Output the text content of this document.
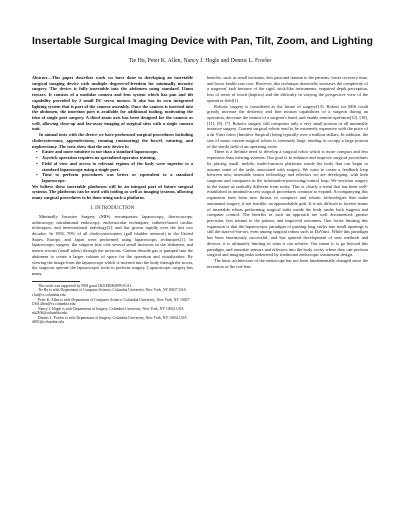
Insertable Surgical Imaging Device with Pan, Tilt, Zoom, and Lighting
Tie Hu, Peter K. Allen, Nancy J. Hogle and Dennis L. Fowler

Abstract—This paper describes work we have done in developing an insertable surgical imaging device with multiple degrees-of-freedom for minimally invasive surgery. The device is fully insertable into the abdomen using standard 12mm trocars. It consists of a modular camera and lens system which has pan and tilt capability provided by 2 small DC servo motors. It also has its own integrated lighting system that is part of the camera assembly. Once the camera is inserted into the abdomen, the insertion port is available for additional tooling, motivating the idea of single port surgery. A third zoom axis has been designed for the camera as well, allowing close-up and far-away imaging of surgical sites with a single camera unit.

In animal tests with the device we have performed surgical procedures including cholecystectomy, appendectomy, running (measuring) the bowel, suturing, and nephrectomy. The tests show that the new device is:

• Easier and more intuitive to use than a standard laparoscope.
• Joystick operation requires no specialized operator training.
• Field of view and access to relevant regions of the body were superior to a standard laparoscope using a single port.
• Time to perform procedures was better or equivalent to a standard laparoscope.

We believe these insertable platforms will be an integral part of future surgical systems. The platforms can be used with tooling as well as imaging systems, allowing many surgical procedures to be done using such a platform.

I. INTRODUCTION

Minimally Invasive Surgery (MIS) encompasses laparoscopy, thoracoscopy, arthroscopy, intraluminal endoscopy, endovascular techniques, catheter-based cardiac techniques, and interventional radiology[2], and has grown rapidly over the last two decades. In 1992, 70% of all cholecystectomies (gall bladder removal) in the United States, Europe, and Japan were performed using laparoscopic techniques[1]. In laparoscopic surgery, the surgeon first cuts several small incisions in the abdomen, and inserts trocars (small tubes) through the incisions. Carbon dioxide gas is pumped into the abdomen to create a larger volume of space for the operation and visualization. By viewing the image from the laparoscope which is inserted into the body through the trocar, the surgeons operate the laparoscopic tools to perform surgery. Laparoscopic surgery has many

This work was supported by NIH grant 1R21EB004999-01A1.

Tie Hu is with Department of Computer Science, Columbia University, New York, NY10027 USA t.hu@cs.columbia.edu

Peter K. Allen is with Department of Computer Science, Columbia University, New York, NY 10027 USA allen@cs.columbia.edu

Nancy J. Hogle is with Department of Surgery, Columbia University, New York, NY 10032 USA nh2106@columbia.edu

Dennis L. Fowler is with Department of Surgery, Columbia University, New York, NY 10032 USA dlf91@columbia.edu

benefits, such as small incisions, less pain and trauma to the patients, faster recovery time, and lower health care cost. However, this technique drastically increases the complexity of a surgeons' task because of the rigid, stick-like instruments, impaired depth perception, loss of sense of touch (haptics) and the difficulty in varying the perspective view of the operative field[1].

Robotic surgery is considered as the future of surgery[13]. Robots for MIS could greatly increase the dexterity and fine motion capabilities of a surgeon during an operation, decrease the tremor of a surgeon's hand, and enable remote operation[12], [18], [11], [9], [7]. Robotic surgery still comprises only a very small portion of all minimally invasive surgery. Current surgical robots tend to be extremely expensive with the price of a da Vinci robot (Intuitive Surgical) being typically over a million dollars. In addition, the size of many current surgical robots is extremely large, tending to occupy a large portion of the sterile field of an operating room.

There is a definite need to develop a surgical robot which is more compact and less expensive than existing systems. Our goal is to enhance and improve surgical procedures by placing small, mobile, multi-function platforms inside the body that can begin to assume some of the tasks associated with surgery. We want to create a feedback loop between new, insertable sensor technology and effectors we are developing, with both surgeons and computers in the information-processing/control loop. We envision surgery in the future as radically different from today. This is clearly a trend that has been well-established as minimal-access surgical procedures continue to expand. Accompanying this expansion have been new thrusts in computer and robotic technologies that make automated surgery, if not feasible, an approachable goal. It is not difficult to foresee teams of insertable robots performing surgical tasks inside the body under both surgeon and computer control. The benefits of such an approach are well documented: greater precision, less trauma to the patient, and improved outcomes. One factor limiting this expansion is that the laparoscopic paradigm of pushing long sticks into small openings is still the state-of-the-art, even among surgical robots such as DaVinci. While this paradigm has been enormously successful, and has spurred development of new methods and devices, it is ultimately limiting in what it can achieve. Our intent is to go beyond this paradigm, and remotize sensors and effectors into the body cavity where they can perform surgical and imaging tasks unfettered by traditional endoscopic instrument design.

The basic architecture of the endoscope has not been fundamentally changed since the invention of the rod-lens
